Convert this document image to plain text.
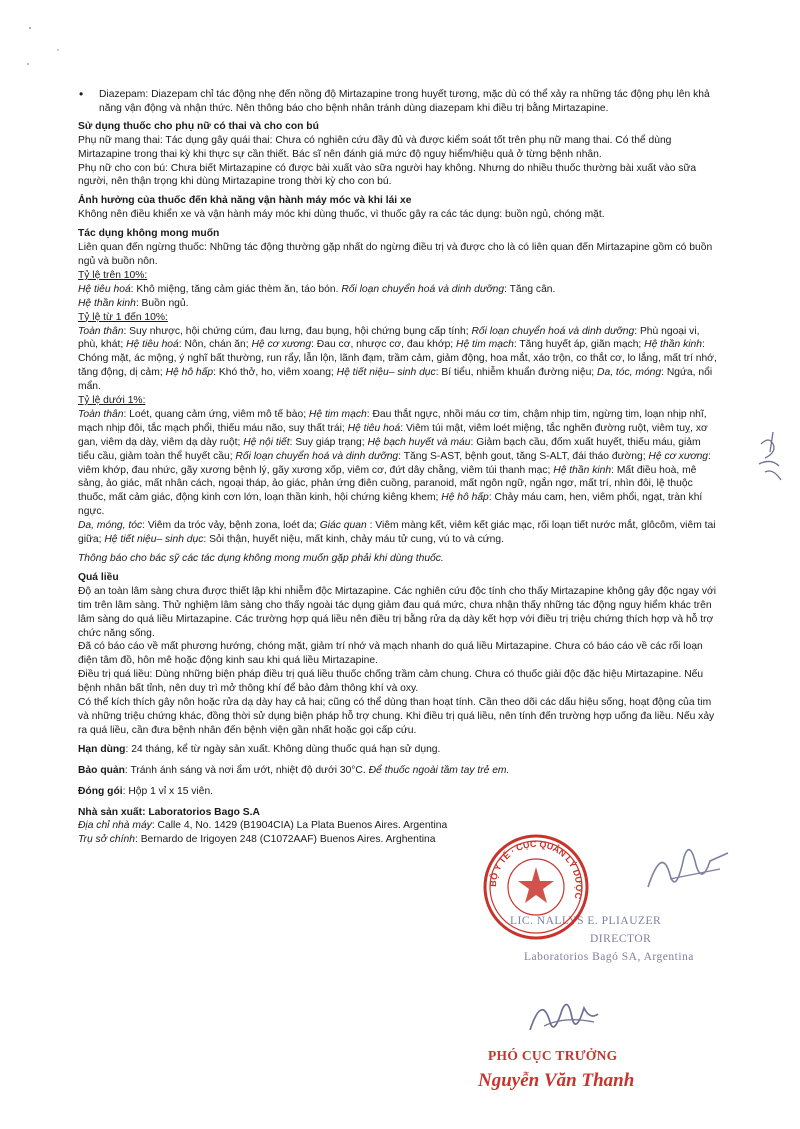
• Diazepam: Diazepam chỉ tác động nhẹ đến nồng độ Mirtazapine trong huyết tương, mặc dù có thể xảy ra những tác động phụ lên khả năng vận động và nhận thức. Nên thông báo cho bệnh nhân tránh dùng diazepam khi điều trị bằng Mirtazapine.

Sử dụng thuốc cho phụ nữ có thai và cho con bú

Phụ nữ mang thai: Tác dụng gây quái thai: Chưa có nghiên cứu đầy đủ và được kiểm soát tốt trên phụ nữ mang thai. Có thể dùng Mirtazapine trong thai kỳ khi thực sự cần thiết. Bác sĩ nên đánh giá mức độ nguy hiểm/hiệu quả ở từng bệnh nhân.

Phụ nữ cho con bú: Chưa biết Mirtazapine có được bài xuất vào sữa người hay không. Nhưng do nhiều thuốc thường bài xuất vào sữa người, nên thận trọng khi dùng Mirtazapine trong thời kỳ cho con bú.

Ảnh hưởng của thuốc đến khả năng vận hành máy móc và khi lái xe

Không nên điều khiển xe và vận hành máy móc khi dùng thuốc, vì thuốc gây ra các tác dụng: buồn ngủ, chóng mặt.

Tác dụng không mong muốn

Liên quan đến ngừng thuốc: Những tác động thường gặp nhất do ngừng điều trị và được cho là có liên quan đến Mirtazapine gồm có buồn ngủ và buồn nôn.

Tỷ lệ trên 10%:

Hệ tiêu hoá: Khô miệng, tăng cảm giác thèm ăn, táo bón. Rối loạn chuyển hoá và dinh dưỡng: Tăng cân.

Hệ thần kinh: Buồn ngủ.

Tỷ lệ từ 1 đến 10%:

Toàn thân: Suy nhược, hội chứng cúm, đau lưng, đau bụng, hội chứng bụng cấp tính; Rối loạn chuyển hoá và dinh dưỡng: Phù ngoại vi, phù, khát; Hệ tiêu hoá: Nôn, chán ăn; Hệ cơ xương: Đau cơ, nhược cơ, đau khớp; Hệ tim mạch: Tăng huyết áp, giãn mạch; Hệ thần kinh: Chóng mặt, ác mộng, ý nghĩ bất thường, run rẩy, lẫn lộn, lãnh đạm, trầm cảm, giảm động, hoa mắt, xáo trộn, co thắt cơ, lo lắng, mất trí nhớ, tăng động, dị cảm; Hệ hô hấp: Khó thở, ho, viêm xoang; Hệ tiết niệu– sinh dục: Bí tiểu, nhiễm khuẩn đường niệu; Da, tóc, móng: Ngứa, nổi mẩn.

Tỷ lệ dưới 1%:

Toàn thân: Loét, quang cảm ứng, viêm mô tế bào; Hệ tim mạch: Đau thắt ngực, nhồi máu cơ tim, chậm nhịp tim, ngừng tim, loạn nhịp nhĩ, mạch nhịp đôi, tắc mạch phổi, thiếu máu não, suy thất trái; Hệ tiêu hoá: Viêm túi mật, viêm loét miệng, tắc nghẽn đường ruột, viêm tuỵ, xơ gan, viêm dạ dày, viêm dạ dày ruột; Hệ nội tiết: Suy giáp trạng; Hệ bạch huyết và máu: Giảm bạch cầu, đốm xuất huyết, thiếu máu, giảm tiểu cầu, giảm toàn thể huyết cầu; Rối loạn chuyển hoá và dinh dưỡng: Tăng S-AST, bệnh gout, tăng S-ALT, đái tháo đường; Hệ cơ xương: viêm khớp, đau nhức, gãy xương bệnh lý, gãy xương xốp, viêm cơ, đứt dây chằng, viêm túi thanh mạc; Hệ thần kinh: Mất điều hoà, mê sảng, ảo giác, mất nhân cách, ngoại tháp, ảo giác, phản ứng điên cuồng, paranoid, mất ngôn ngữ, ngắn ngơ, mất trí, nhìn đôi, lệ thuộc thuốc, mất cảm giác, động kinh cơn lớn, loạn thần kinh, hội chứng kiêng khem; Hệ hô hấp: Chảy máu cam, hen, viêm phổi, ngạt, tràn khí ngực.

Da, móng, tóc: Viêm da tróc vảy, bệnh zona, loét da; Giác quan : Viêm màng kết, viêm kết giác mạc, rối loạn tiết nước mắt, glôcôm, viêm tai giữa; Hệ tiết niệu– sinh dục: Sỏi thận, huyết niệu, mất kinh, chảy máu tử cung, vú to và cứng.

Thông báo cho bác sỹ các tác dụng không mong muốn gặp phải khi dùng thuốc.

Quá liều

Độ an toàn lâm sàng chưa được thiết lập khi nhiễm độc Mirtazapine. Các nghiên cứu độc tính cho thấy Mirtazapine không gây độc ngay với tim trên lâm sàng. Thử nghiệm lâm sàng cho thấy ngoài tác dụng giảm đau quá mức, chưa nhận thấy những tác động nguy hiểm khác trên lâm sàng do quá liều Mirtazapine. Các trường hợp quá liều nên điều trị bằng rửa dạ dày kết hợp với điều trị triệu chứng thích hợp và hỗ trợ chức năng sống.

Đã có báo cáo về mất phương hướng, chóng mặt, giảm trí nhớ và mạch nhanh do quá liều Mirtazapine. Chưa có báo cáo về các rối loạn điện tâm đồ, hôn mê hoặc động kinh sau khi quá liều Mirtazapine.

Điều trị quá liều: Dùng những biện pháp điều trị quá liều thuốc chống trầm cảm chung. Chưa có thuốc giải độc đặc hiệu Mirtazapine. Nếu bệnh nhân bất tỉnh, nên duy trì mở thông khí để bảo đảm thông khí và oxy.

Có thể kích thích gây nôn hoặc rửa dạ dày hay cả hai; cũng có thể dùng than hoạt tính. Cần theo dõi các dấu hiệu sống, hoạt động của tim và những triệu chứng khác, đồng thời sử dụng biện pháp hỗ trợ chung. Khi điều trị quá liều, nên tính đến trường hợp uống đa liều. Nếu xảy ra quá liều, cần đưa bệnh nhân đến bệnh viện gần nhất hoặc gọi cấp cứu.

Hạn dùng: 24 tháng, kể từ ngày sản xuất. Không dùng thuốc quá hạn sử dụng.

Bảo quản: Tránh ánh sáng và nơi ẩm ướt, nhiệt độ dưới 30°C. Để thuốc ngoài tầm tay trẻ em.

Đóng gói: Hộp 1 vỉ x 15 viên.

Nhà sản xuất: Laboratorios Bago S.A

Địa chỉ nhà máy: Calle 4, No. 1429 (B1904CIA) La Plata Buenos Aires. Argentina

Trụ sở chính: Bernardo de Irigoyen 248 (C1072AAF) Buenos Aires. Arghentina

LIC. NALLYS E. PLIAUZER
DIRECTOR
Laboratorios Bagó SA, Argentina
BỘ Y TẾ · CỤC QUẢN LÝ DƯỢC
PHÓ CỤC TRƯỞNG
Nguyễn Văn Thanh
